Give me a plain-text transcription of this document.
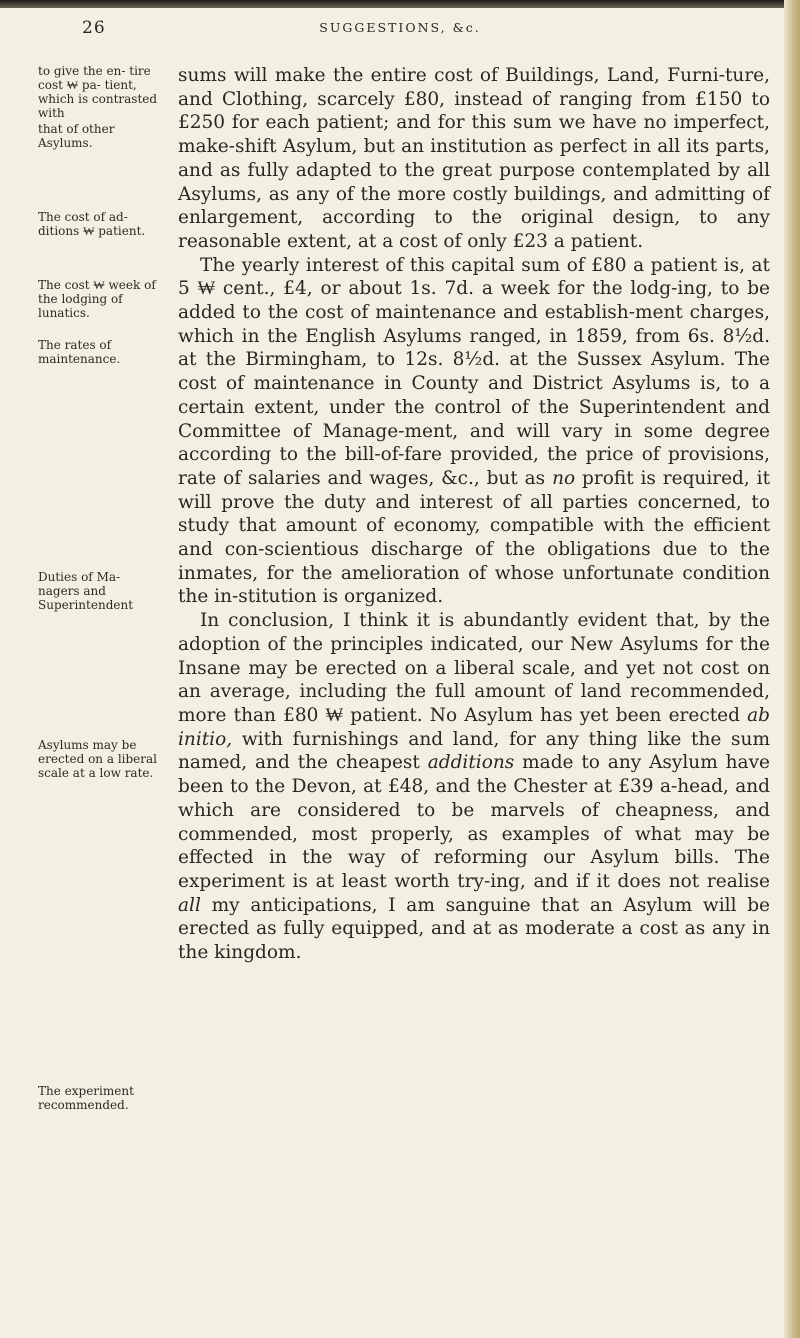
26	SUGGESTIONS, &c.
to give the en- tire cost ₩ pa- tient, which is contrasted with
that of other Asylums.
The cost of ad- ditions ₩ patient.
The cost ₩ week of the lodging of lunatics.
The rates of maintenance.
Duties of Ma- nagers and Superintendent
Asylums may be erected on a liberal scale at a low rate.
The experiment recommended.

sums will make the entire cost of Buildings, Land, Furni-ture, and Clothing, scarcely £80, instead of ranging from £150 to £250 for each patient; and for this sum we have no imperfect, make-shift Asylum, but an institution as perfect in all its parts, and as fully adapted to the great purpose contemplated by all Asylums, as any of the more costly buildings, and admitting of enlargement, according to the original design, to any reasonable extent, at a cost of only £23 a patient.

The yearly interest of this capital sum of £80 a patient is, at 5 ₩ cent., £4, or about 1s. 7d. a week for the lodg-ing, to be added to the cost of maintenance and establish-ment charges, which in the English Asylums ranged, in 1859, from 6s. 8½d. at the Birmingham, to 12s. 8½d. at the Sussex Asylum. The cost of maintenance in County and District Asylums is, to a certain extent, under the control of the Superintendent and Committee of Manage-ment, and will vary in some degree according to the bill-of-fare provided, the price of provisions, rate of salaries and wages, &c., but as no profit is required, it will prove the duty and interest of all parties concerned, to study that amount of economy, compatible with the efficient and con-scientious discharge of the obligations due to the inmates, for the amelioration of whose unfortunate condition the in-stitution is organized.

In conclusion, I think it is abundantly evident that, by the adoption of the principles indicated, our New Asylums for the Insane may be erected on a liberal scale, and yet not cost on an average, including the full amount of land recommended, more than £80 ₩ patient. No Asylum has yet been erected ab initio, with furnishings and land, for any thing like the sum named, and the cheapest additions made to any Asylum have been to the Devon, at £48, and the Chester at £39 a-head, and which are considered to be marvels of cheapness, and commended, most properly, as examples of what may be effected in the way of reforming our Asylum bills. The experiment is at least worth try-ing, and if it does not realise all my anticipations, I am sanguine that an Asylum will be erected as fully equipped, and at as moderate a cost as any in the kingdom.
